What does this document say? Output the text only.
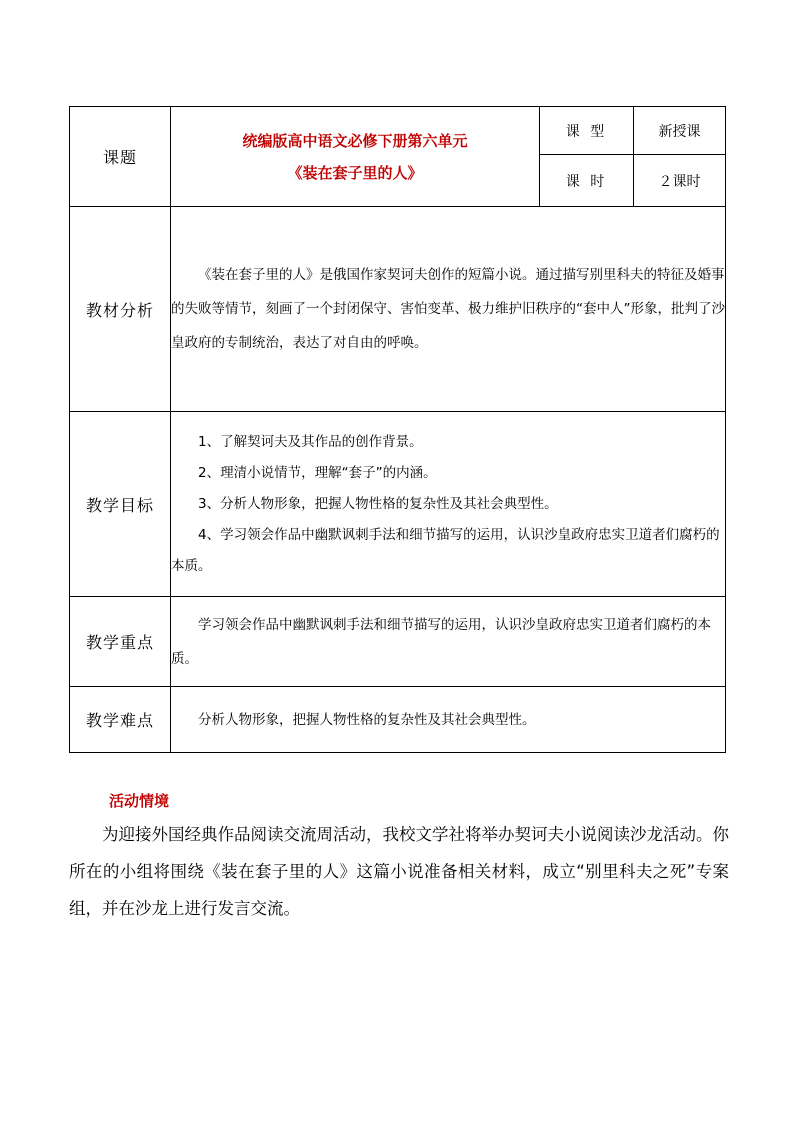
课题	统编版高中语文必修下册第六单元
《装在套子里的人》	课 型	新授课
		课 时	２课时
教材分析	《装在套子里的人》是俄国作家契诃夫创作的短篇小说。通过描写别里科夫的特征及婚事的失败等情节，刻画了一个封闭保守、害怕变革、极力维护旧秩序的“套中人”形象，批判了沙皇政府的专制统治，表达了对自由的呼唤。		

教学目标	1、了解契诃夫及其作品的创作背景。

2、理清小说情节，理解“套子”的内涵。

3、分析人物形象，把握人物性格的复杂性及其社会典型性。

4、学习领会作品中幽默讽刺手法和细节描写的运用，认识沙皇政府忠实卫道者们腐朽的本质。		

教学重点	学习领会作品中幽默讽刺手法和细节描写的运用，认识沙皇政府忠实卫道者们腐朽的本质。		

教学难点	分析人物形象，把握人物性格的复杂性及其社会典型性。		

活动情境

为迎接外国经典作品阅读交流周活动，我校文学社将举办契诃夫小说阅读沙龙活动。你所在的小组将围绕《装在套子里的人》这篇小说准备相关材料，成立“别里科夫之死”专案组，并在沙龙上进行发言交流。
